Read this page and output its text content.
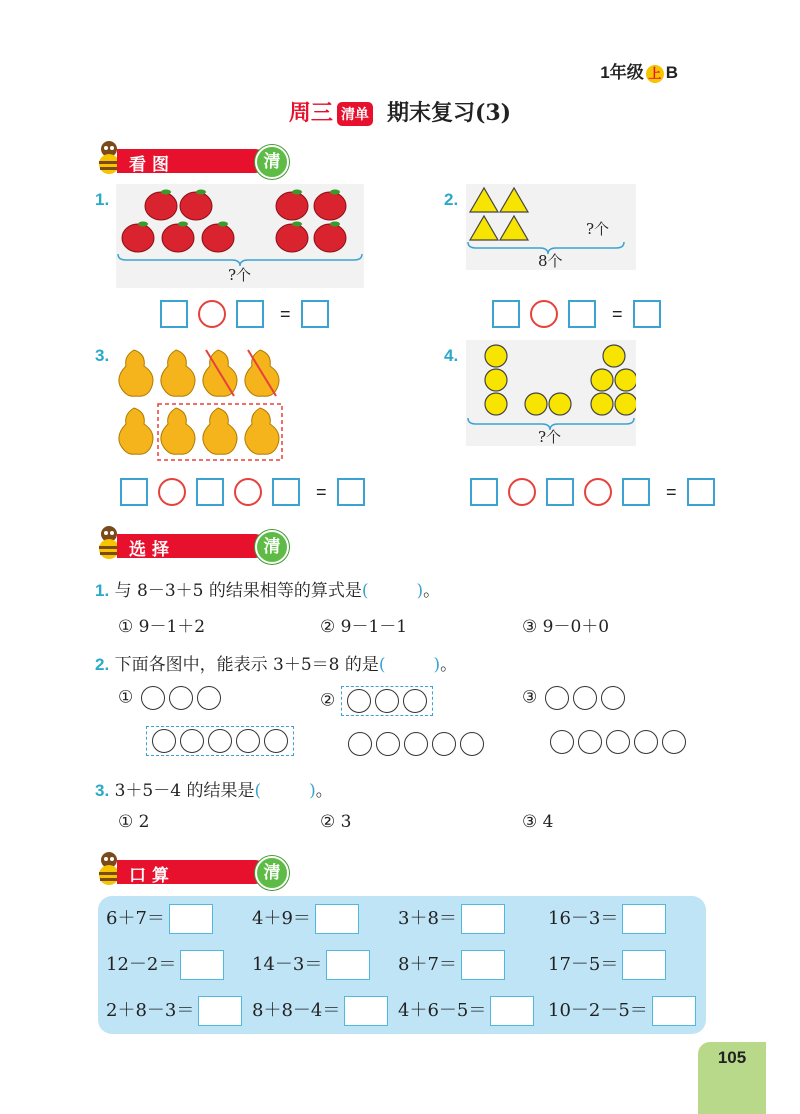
1年级 上 B
周三 清单 期末复习(3)
看图	清
1.
?个
=
2.
?个
8个
=
3.
=
4.
?个
=
选择	清
1. 与 8－3＋5 的结果相等的算式是(	)。
① 9－1＋2	② 9－1－1	③ 9－0＋0
2. 下面各图中，能表示 3＋5＝8 的是(	)。
①	②	③
3. 3＋5－4 的结果是(	)。
① 2	② 3	③ 4
口算	清
6＋7＝	4＋9＝	3＋8＝	16－3＝
12－2＝	14－3＝	8＋7＝	17－5＝
2＋8－3＝	8＋8－4＝	4＋6－5＝	10－2－5＝
105
